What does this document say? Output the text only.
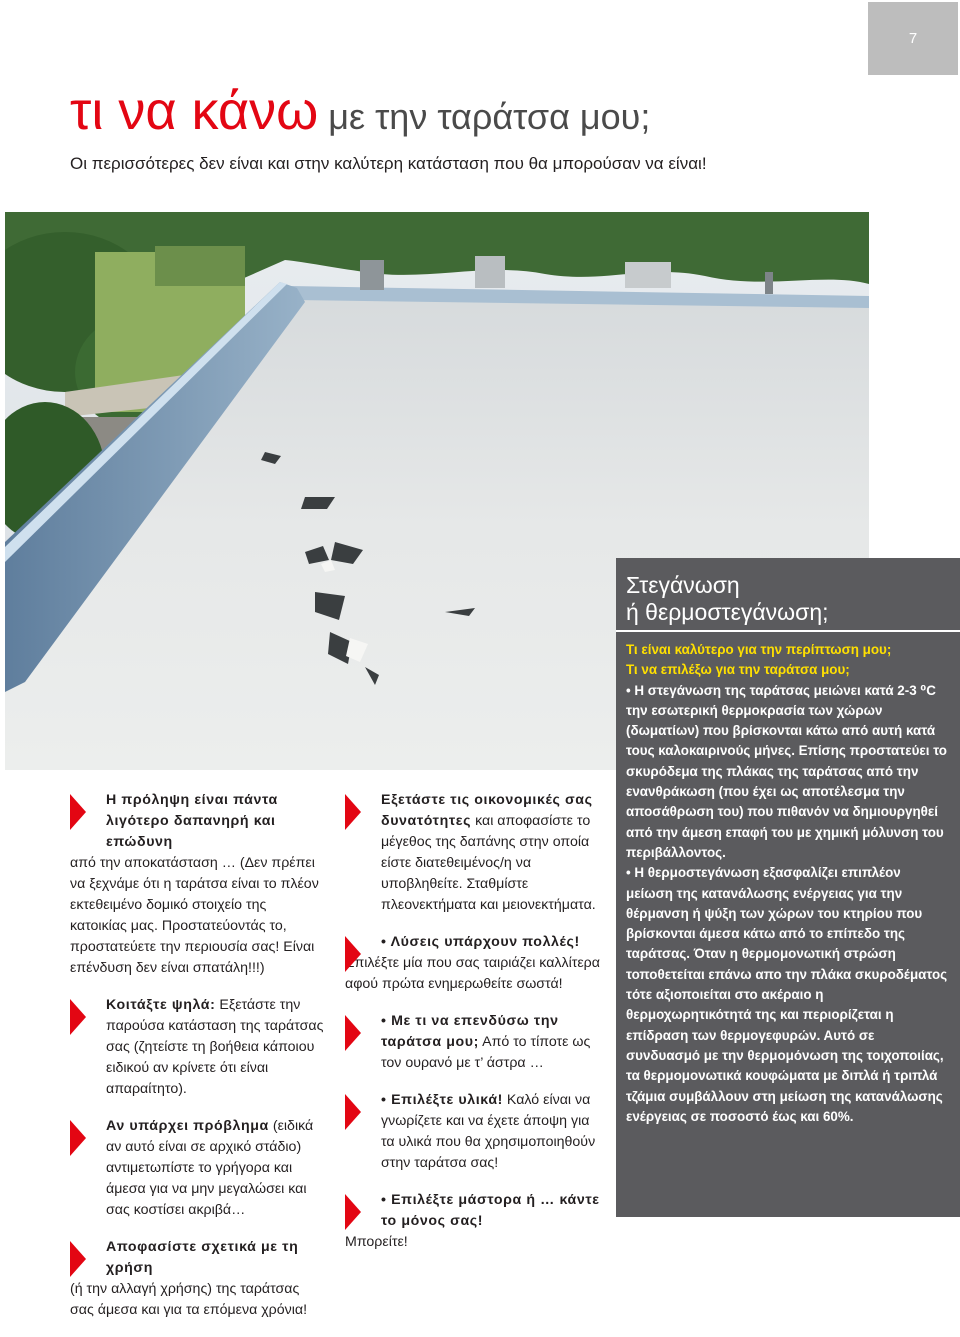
7
τι να κάνω με την ταράτσα μου;
Οι περισσότερες δεν είναι και στην καλύτερη κατάσταση που θα μπορούσαν να είναι!

Η πρόληψη είναι πάντα λιγότερο δαπανηρή και επώδυνη
από την αποκατάσταση … (Δεν πρέπει να ξεχνάμε ότι η ταράτσα είναι το πλέον εκτεθειμένο δομικό στοιχείο της κατοικίας μας. Προστατεύοντάς το, προστατεύετε την περιουσία σας! Είναι επένδυση δεν είναι σπατάλη!!!)

Κοιτάξτε ψηλά: Εξετάστε την παρούσα κατάσταση της ταράτσας σας (ζητείστε τη βοήθεια κάποιου ειδικού αν κρίνετε ότι είναι απαραίτητο).

Αν υπάρχει πρόβλημα (ειδικά αν αυτό είναι σε αρχικό στάδιο) αντιμετωπίστε το γρήγορα και άμεσα για να μην μεγαλώσει και σας κοστίσει ακριβά…

Αποφασίστε σχετικά με τη χρήση
(ή την αλλαγή χρήσης) της ταράτσας σας άμεσα και για τα επόμενα χρόνια!

Εξετάστε τις οικονομικές σας δυνατότητες και αποφασίστε το μέγεθος της δαπάνης στην οποία είστε διατεθειμένος/η να υποβληθείτε. Σταθμίστε πλεονεκτήματα και μειονεκτήματα.

• Λύσεις υπάρχουν πολλές!
Επιλέξτε μία που σας ταιριάζει καλλίτερα αφού πρώτα ενημερωθείτε σωστά!

• Με τι να επενδύσω την ταράτσα μου; Από το τίποτε ως τον ουρανό με τ’ άστρα …

• Επιλέξτε υλικά! Καλό είναι να γνωρίζετε και να έχετε άποψη για τα υλικά που θα χρησιμοποιηθούν στην ταράτσα σας!

• Επιλέξτε μάστορα ή … κάντε το μόνος σας!
Μπορείτε!

Στεγάνωση
ή θερμοστεγάνωση;
Τι είναι καλύτερο για την περίπτωση μου;
Τι να επιλέξω για την ταράτσα μου;
• Η στεγάνωση της ταράτσας μειώνει κατά 2-3 ⁰C την εσωτερική θερμοκρασία των χώρων (δωματίων) που βρίσκονται κάτω από αυτή κατά τους καλοκαιρινούς μήνες. Επίσης προστατεύει το σκυρόδεμα της πλάκας της ταράτσας από την ενανθράκωση (που έχει ως αποτέλεσμα την αποσάθρωση του) που πιθανόν να δημιουργηθεί από την άμεση επαφή του με χημική μόλυνση του περιβάλλοντος.
• Η θερμοστεγάνωση εξασφαλίζει επιπλέον μείωση της κατανάλωσης ενέργειας για την θέρμανση ή ψύξη των χώρων του κτηρίου που βρίσκονται άμεσα κάτω από το επίπεδο της ταράτσας. Όταν η θερμομονωτική στρώση τοποθετείται επάνω απο την πλάκα σκυροδέματος τότε αξιοποιείται στο ακέραιο η θερμοχωρητικότητά της και περιορίζεται η επίδραση των θερμογεφυρών. Αυτό σε συνδυασμό με την θερμομόνωση της τοιχοποιίας, τα θερμομονωτικά κουφώματα με διπλά ή τριπλά τζάμια συμβάλλουν στη μείωση της κατανάλωσης ενέργειας σε ποσοστό έως και 60%.
